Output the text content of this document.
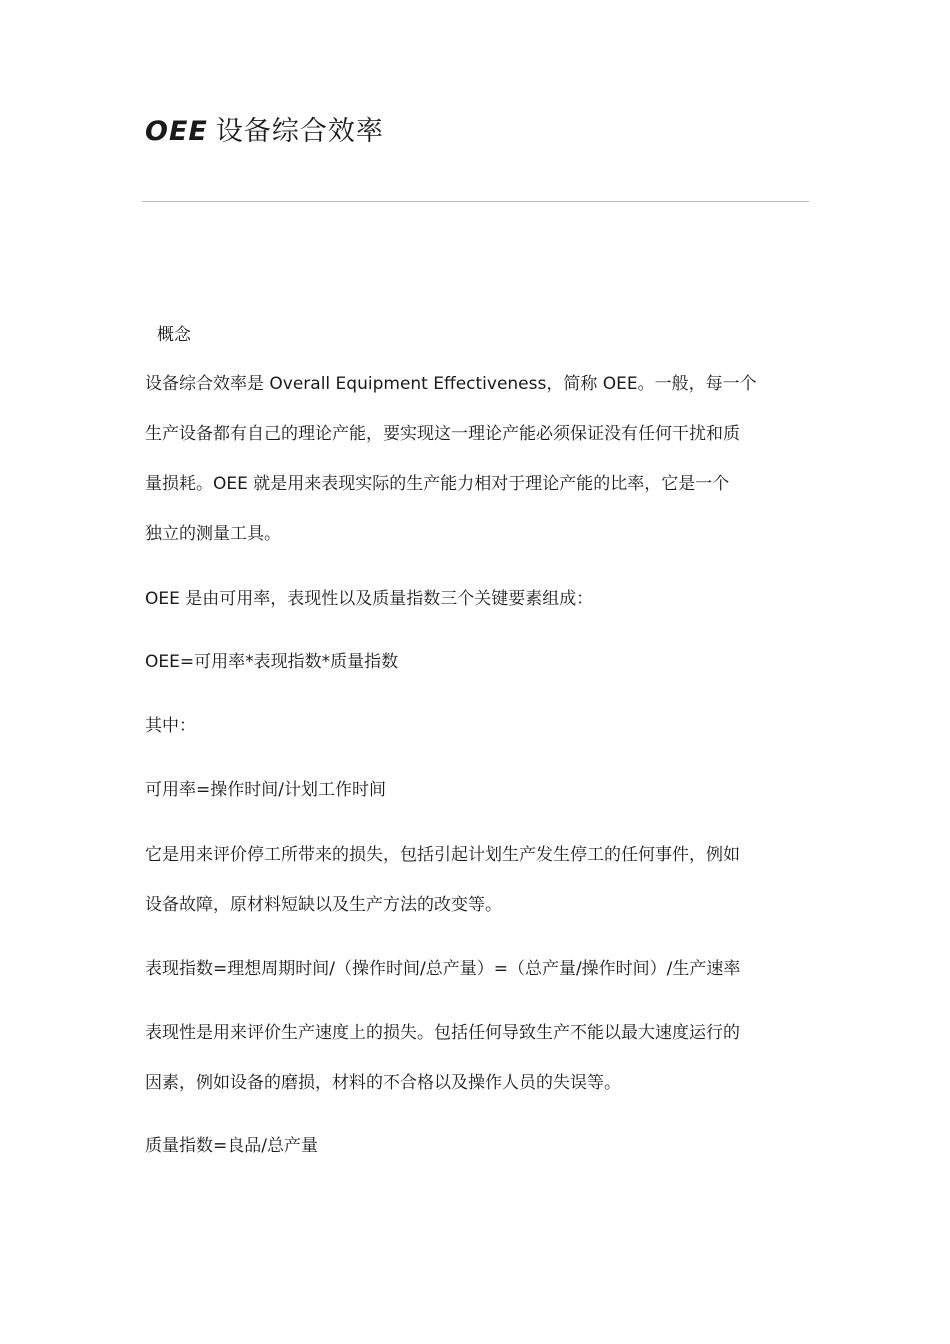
OEE 设备综合效率
概念
设备综合效率是 Overall Equipment Effectiveness，简称 OEE。一般，每一个
生产设备都有自己的理论产能，要实现这一理论产能必须保证没有任何干扰和质
量损耗。OEE 就是用来表现实际的生产能力相对于理论产能的比率，它是一个
独立的测量工具。
OEE 是由可用率，表现性以及质量指数三个关键要素组成：
OEE=可用率*表现指数*质量指数
其中：
可用率=操作时间/计划工作时间
它是用来评价停工所带来的损失，包括引起计划生产发生停工的任何事件，例如
设备故障，原材料短缺以及生产方法的改变等。
表现指数=理想周期时间/（操作时间/总产量）=（总产量/操作时间）/生产速率
表现性是用来评价生产速度上的损失。包括任何导致生产不能以最大速度运行的
因素，例如设备的磨损，材料的不合格以及操作人员的失误等。
质量指数=良品/总产量
